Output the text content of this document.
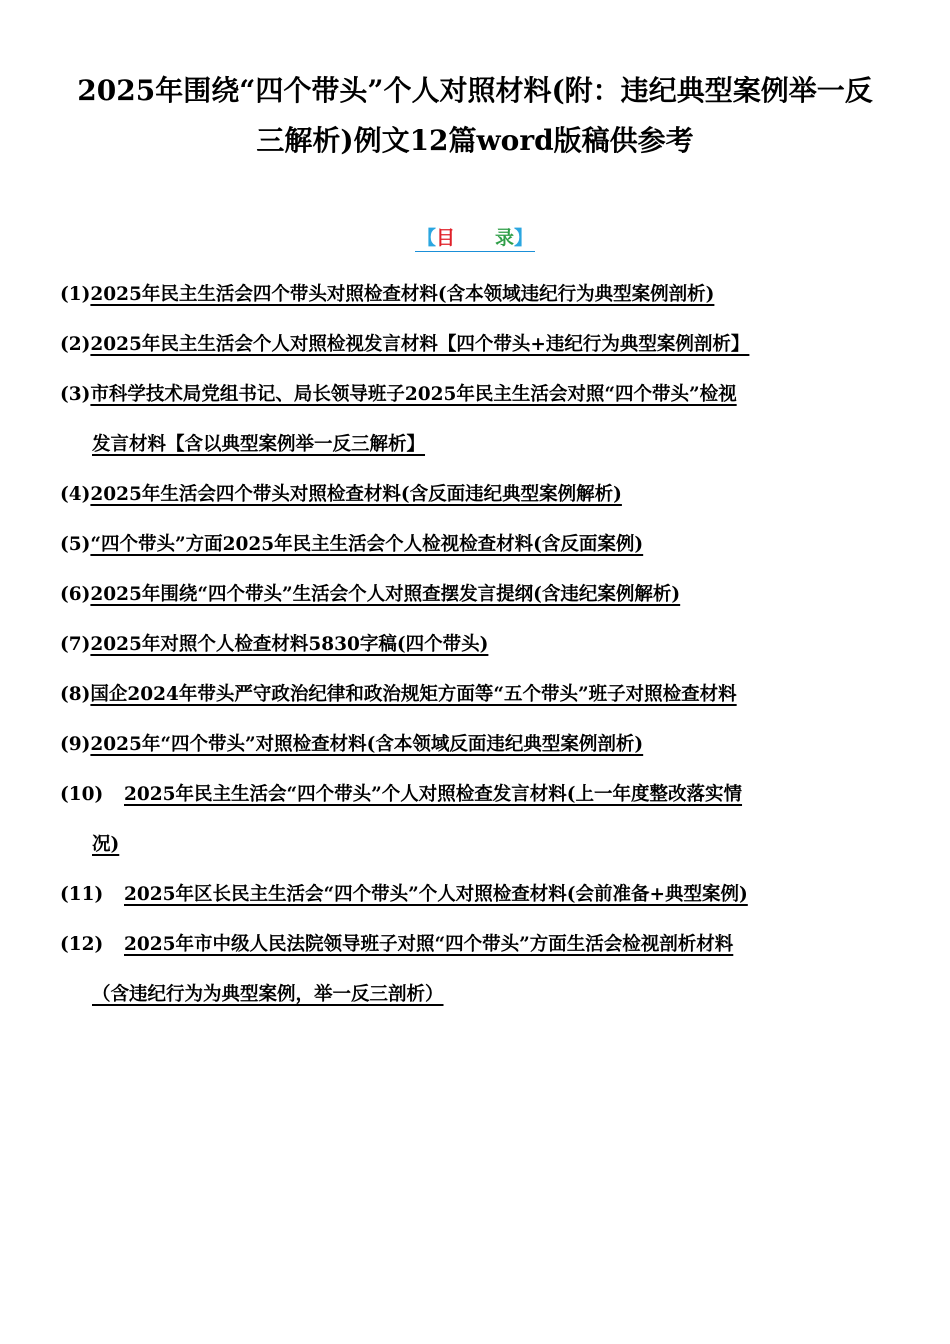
2025年围绕“四个带头”个人对照材料(附：违纪典型案例举一反
三解析)例文12篇word版稿供参考
【目 录】
(1)2025年民主生活会四个带头对照检查材料(含本领域违纪行为典型案例剖析)
(2)2025年民主生活会个人对照检视发言材料【四个带头+违纪行为典型案例剖析】
(3)市科学技术局党组书记、局长领导班子2025年民主生活会对照“四个带头”检视
发言材料【含以典型案例举一反三解析】
(4)2025年生活会四个带头对照检查材料(含反面违纪典型案例解析)
(5)“四个带头”方面2025年民主生活会个人检视检查材料(含反面案例)
(6)2025年围绕“四个带头”生活会个人对照查摆发言提纲(含违纪案例解析)
(7)2025年对照个人检查材料5830字稿(四个带头)
(8)国企2024年带头严守政治纪律和政治规矩方面等“五个带头”班子对照检查材料
(9)2025年“四个带头”对照检查材料(含本领域反面违纪典型案例剖析)
(10) 2025年民主生活会“四个带头”个人对照检查发言材料(上一年度整改落实情
况)
(11) 2025年区长民主生活会“四个带头”个人对照检查材料(会前准备+典型案例)
(12) 2025年市中级人民法院领导班子对照“四个带头”方面生活会检视剖析材料
（含违纪行为为典型案例，举一反三剖析）
